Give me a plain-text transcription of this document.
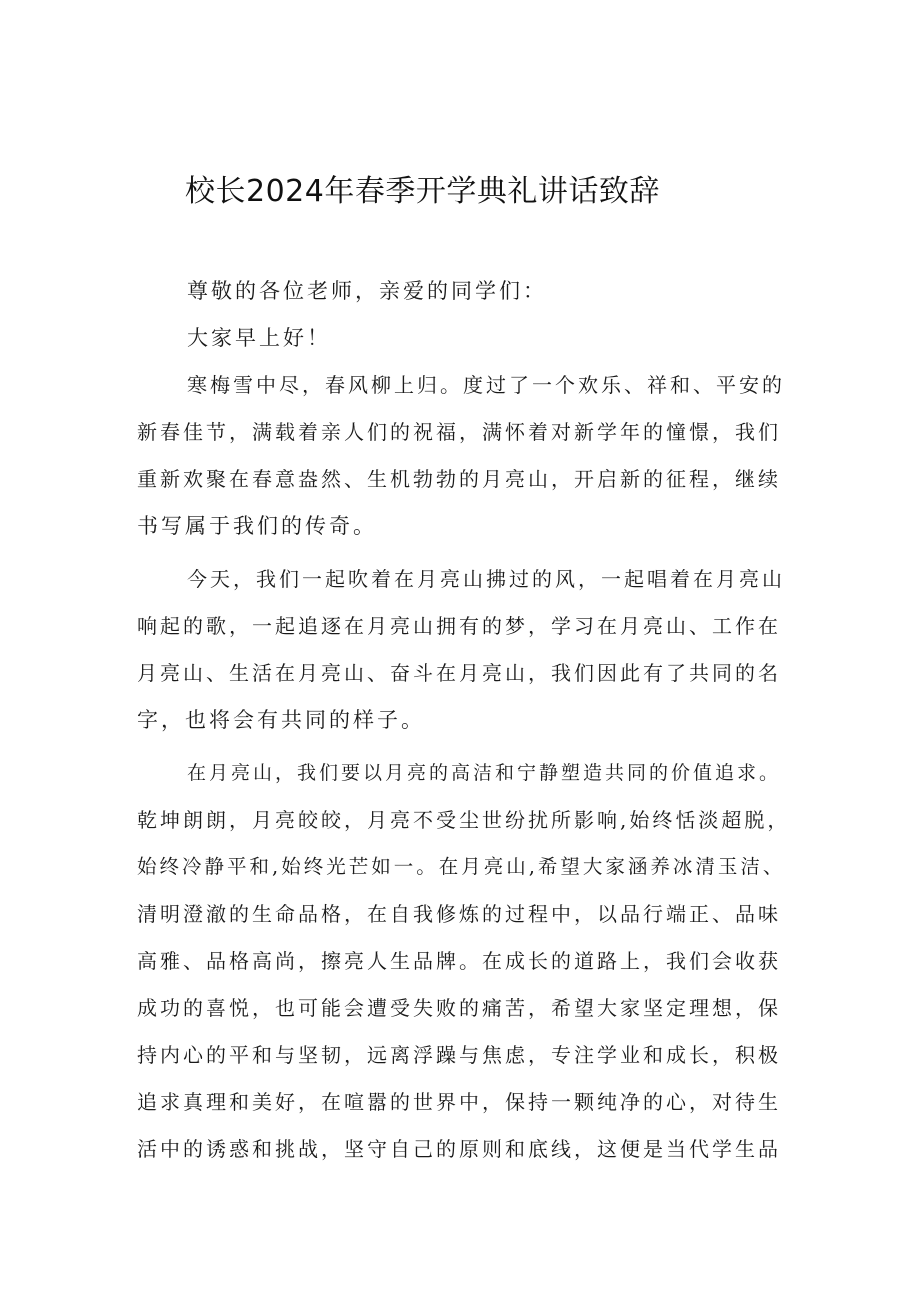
校长2024年春季开学典礼讲话致辞
尊敬的各位老师，亲爱的同学们：
大家早上好！
寒梅雪中尽，春风柳上归。度过了一个欢乐、祥和、平安的
新春佳节，满载着亲人们的祝福，满怀着对新学年的憧憬，我们
重新欢聚在春意盎然、生机勃勃的月亮山，开启新的征程，继续
书写属于我们的传奇。
今天，我们一起吹着在月亮山拂过的风，一起唱着在月亮山
响起的歌，一起追逐在月亮山拥有的梦，学习在月亮山、工作在
月亮山、生活在月亮山、奋斗在月亮山，我们因此有了共同的名
字，也将会有共同的样子。
在月亮山，我们要以月亮的高洁和宁静塑造共同的价值追求。
乾坤朗朗，月亮皎皎，月亮不受尘世纷扰所影响,始终恬淡超脱，
始终冷静平和,始终光芒如一。在月亮山,希望大家涵养冰清玉洁、
清明澄澈的生命品格，在自我修炼的过程中，以品行端正、品味
高雅、品格高尚，擦亮人生品牌。在成长的道路上，我们会收获
成功的喜悦，也可能会遭受失败的痛苦，希望大家坚定理想，保
持内心的平和与坚韧，远离浮躁与焦虑，专注学业和成长，积极
追求真理和美好，在喧嚣的世界中，保持一颗纯净的心，对待生
活中的诱惑和挑战，坚守自己的原则和底线，这便是当代学生品
